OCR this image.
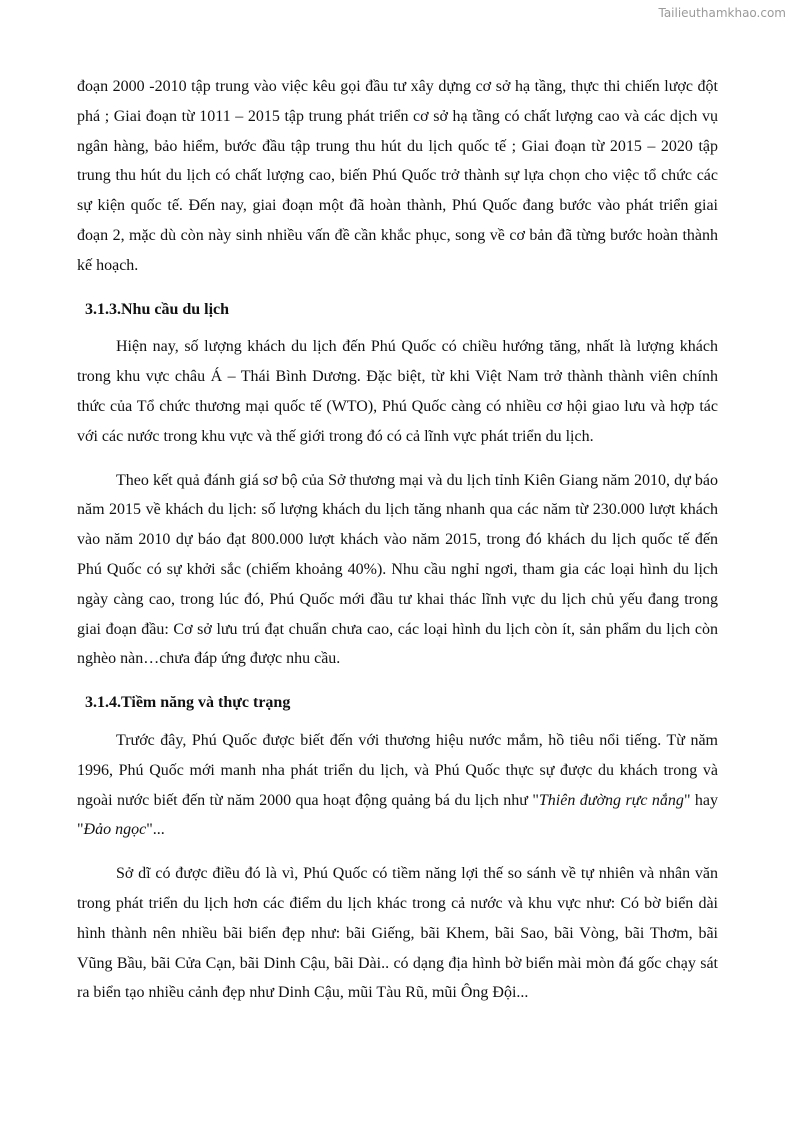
Tailieuthamkhao.com

đoạn 2000 -2010 tập trung vào việc kêu gọi đầu tư xây dựng cơ sở hạ tầng, thực thi chiến lược đột phá ; Giai đoạn từ 1011 – 2015 tập trung phát triển cơ sở hạ tầng có chất lượng cao và các dịch vụ ngân hàng, bảo hiểm, bước đầu tập trung thu hút du lịch quốc tế ; Giai đoạn từ 2015 – 2020 tập trung thu hút du lịch có chất lượng cao, biến Phú Quốc trở thành sự lựa chọn cho việc tổ chức các sự kiện quốc tế. Đến nay, giai đoạn một đã hoàn thành, Phú Quốc đang bước vào phát triển giai đoạn 2, mặc dù còn này sinh nhiều vấn đề cần khắc phục, song về cơ bản đã từng bước hoàn thành kế hoạch.

3.1.3.Nhu cầu du lịch

Hiện nay, số lượng khách du lịch đến Phú Quốc có chiều hướng tăng, nhất là lượng khách trong khu vực châu Á – Thái Bình Dương. Đặc biệt, từ khi Việt Nam trở thành thành viên chính thức của Tổ chức thương mại quốc tế (WTO), Phú Quốc càng có nhiều cơ hội giao lưu và hợp tác với các nước trong khu vực và thế giới trong đó có cả lĩnh vực phát triển du lịch.

Theo kết quả đánh giá sơ bộ của Sở thương mại và du lịch tỉnh Kiên Giang năm 2010, dự báo năm 2015 về khách du lịch: số lượng khách du lịch tăng nhanh qua các năm từ 230.000 lượt khách vào năm 2010 dự báo đạt 800.000 lượt khách vào năm 2015, trong đó khách du lịch quốc tế đến Phú Quốc có sự khởi sắc (chiếm khoảng 40%). Nhu cầu nghỉ ngơi, tham gia các loại hình du lịch ngày càng cao, trong lúc đó, Phú Quốc mới đầu tư khai thác lĩnh vực du lịch chủ yếu đang trong giai đoạn đầu: Cơ sở lưu trú đạt chuẩn chưa cao, các loại hình du lịch còn ít, sản phẩm du lịch còn nghèo nàn…chưa đáp ứng được nhu cầu.

3.1.4.Tiềm năng và thực trạng

Trước đây, Phú Quốc được biết đến với thương hiệu nước mắm, hồ tiêu nổi tiếng. Từ năm 1996, Phú Quốc mới manh nha phát triển du lịch, và Phú Quốc thực sự được du khách trong và ngoài nước biết đến từ năm 2000 qua hoạt động quảng bá du lịch như "Thiên đường rực nắng" hay "Đảo ngọc"...

Sở dĩ có được điều đó là vì, Phú Quốc có tiềm năng lợi thế so sánh về tự nhiên và nhân văn trong phát triển du lịch hơn các điểm du lịch khác trong cả nước và khu vực như: Có bờ biển dài hình thành nên nhiều bãi biển đẹp như: bãi Giếng, bãi Khem, bãi Sao, bãi Vòng, bãi Thơm, bãi Vũng Bầu, bãi Cửa Cạn, bãi Dinh Cậu, bãi Dài.. có dạng địa hình bờ biển mài mòn đá gốc chạy sát ra biển tạo nhiều cảnh đẹp như Dinh Cậu, mũi Tàu Rũ, mũi Ông Đội...
